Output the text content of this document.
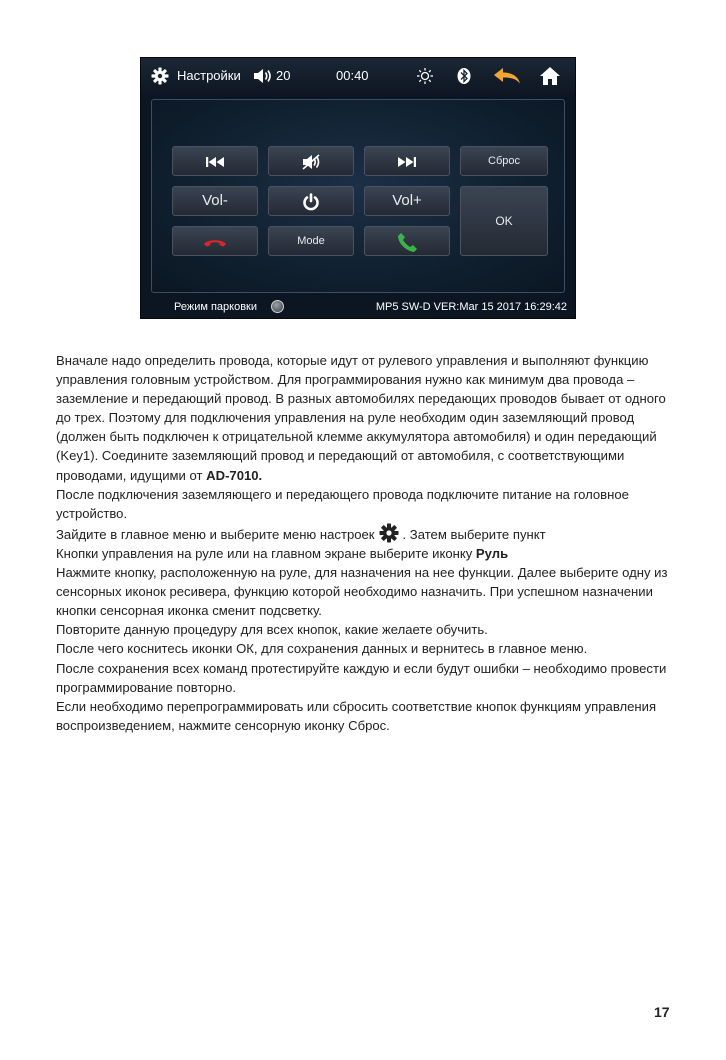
Настройки	20	00:40
Сброс
Vol-	Vol+
OK
Mode
Режим парковки	MP5 SW-D VER:Mar 15 2017 16:29:42

Вначале надо определить провода, которые идут от рулевого управления и выполняют функцию управления головным устройством. Для программирования нужно как минимум два провода – заземление и передающий провод. В разных автомобилях передающих проводов бывает от одного до трех. Поэтому для подключения управления на руле необходим один заземляющий провод (должен быть подключен к отрицательной клемме аккумулятора автомобиля) и один передающий (Key1). Соедините заземляющий провод и передающий от автомобиля, с соответствующими проводами, идущими от AD-7010.

После подключения заземляющего и передающего провода подключите питание на головное устройство.

Зайдите в главное меню и выберите меню настроек . Затем выберите пункт

Кнопки управления на руле или на главном экране выберите иконку Руль

Нажмите кнопку, расположенную на руле, для назначения на нее функции. Далее выберите одну из сенсорных иконок ресивера, функцию которой необходимо назначить. При успешном назначении кнопки сенсорная иконка сменит подсветку.

Повторите данную процедуру для всех кнопок, какие желаете обучить.

После чего коснитесь иконки ОК, для сохранения данных и вернитесь в главное меню.

После сохранения всех команд протестируйте каждую и если будут ошибки – необходимо провести программирование повторно.

Если необходимо перепрограммировать или сбросить соответствие кнопок функциям управления воспроизведением, нажмите сенсорную иконку Сброс.

17
